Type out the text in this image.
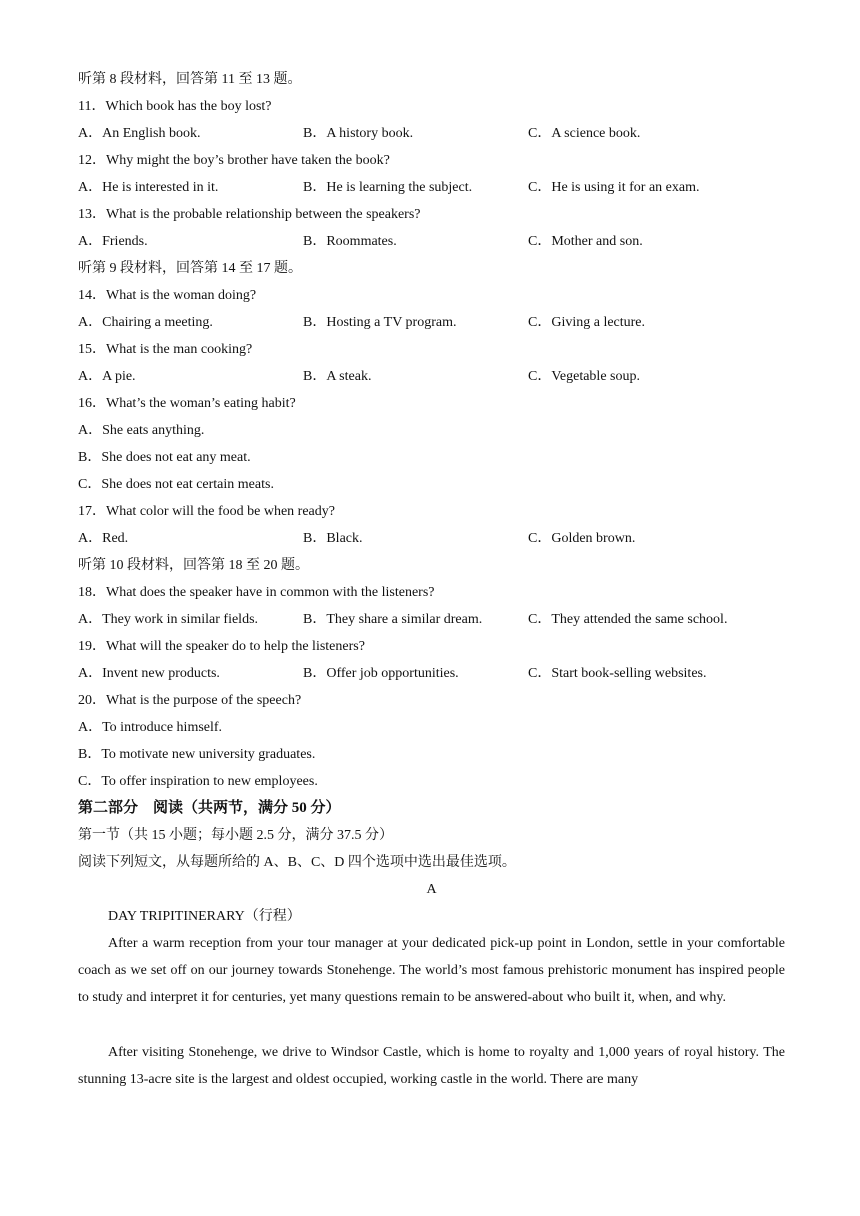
听第 8 段材料，回答第 11 至 13 题。
11．Which book has the boy lost?
A．An English book.	B．A history book.	C．A science book.
12．Why might the boy’s brother have taken the book?
A．He is interested in it.	B．He is learning the subject.	C．He is using it for an exam.
13．What is the probable relationship between the speakers?
A．Friends.	B．Roommates.	C．Mother and son.
听第 9 段材料，回答第 14 至 17 题。
14．What is the woman doing?
A．Chairing a meeting.	B．Hosting a TV program.	C．Giving a lecture.
15．What is the man cooking?
A．A pie.	B．A steak.	C．Vegetable soup.
16．What’s the woman’s eating habit?
A．She eats anything.
B．She does not eat any meat.
C．She does not eat certain meats.
17．What color will the food be when ready?
A．Red.	B．Black.	C．Golden brown.
听第 10 段材料，回答第 18 至 20 题。
18．What does the speaker have in common with the listeners?
A．They work in similar fields.	B．They share a similar dream.	C．They attended the same school.
19．What will the speaker do to help the listeners?
A．Invent new products.	B．Offer job opportunities.	C．Start book-selling websites.
20．What is the purpose of the speech?
A．To introduce himself.
B．To motivate new university graduates.
C．To offer inspiration to new employees.
第二部分　阅读（共两节，满分 50 分）
第一节（共 15 小题；每小题 2.5 分，满分 37.5 分）
阅读下列短文，从每题所给的 A、B、C、D 四个选项中选出最佳选项。
A
DAY TRIPITINERARY（行程）
After a warm reception from your tour manager at your dedicated pick-up point in London, settle in your comfortable coach as we set off on our journey towards Stonehenge. The world’s most famous prehistoric monument has inspired people to study and interpret it for centuries, yet many questions remain to be answered-about who built it, when, and why.
After visiting Stonehenge, we drive to Windsor Castle, which is home to royalty and 1,000 years of royal history. The stunning 13-acre site is the largest and oldest occupied, working castle in the world. There are many
